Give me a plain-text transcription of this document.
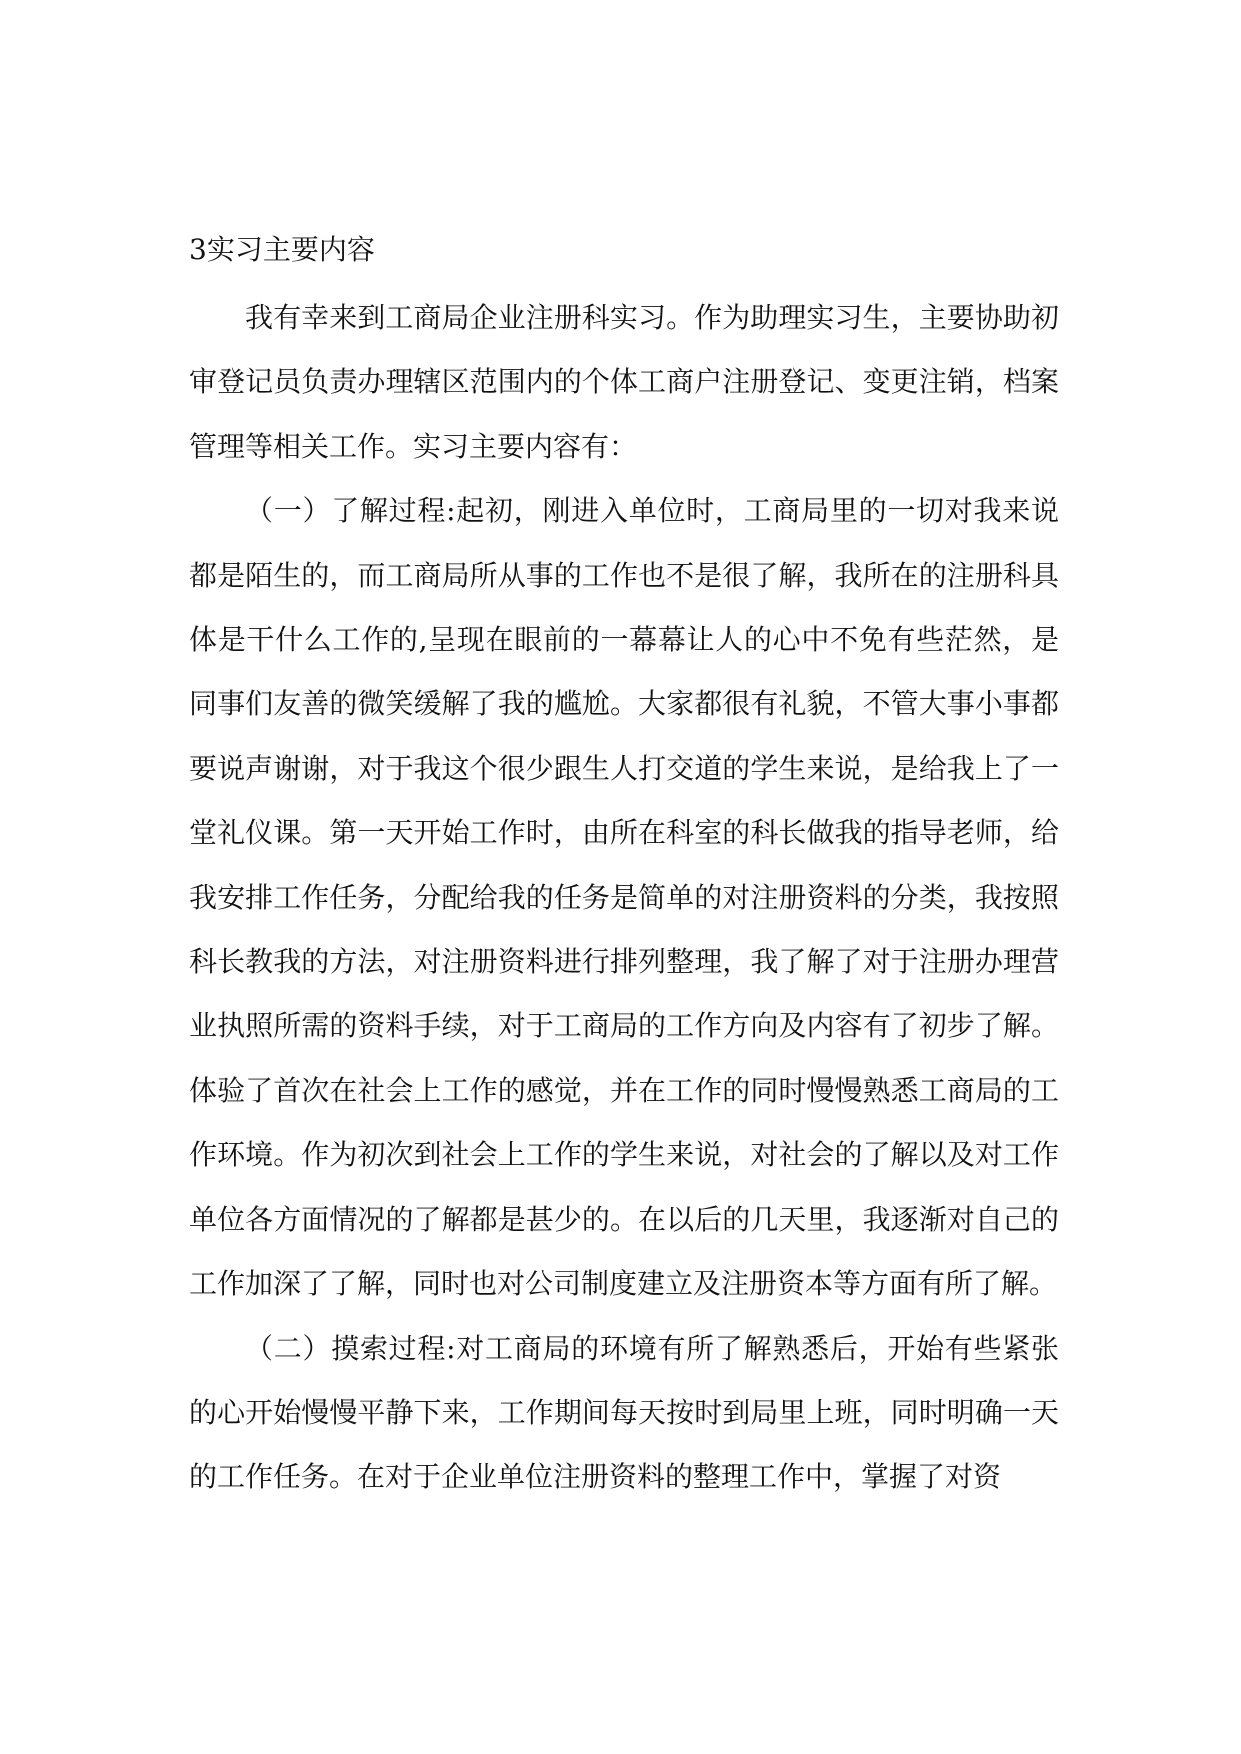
3实习主要内容

我有幸来到工商局企业注册科实习。作为助理实习生，主要协助初审登记员负责办理辖区范围内的个体工商户注册登记、变更注销，档案管理等相关工作。实习主要内容有：

（一）了解过程:起初，刚进入单位时，工商局里的一切对我来说都是陌生的，而工商局所从事的工作也不是很了解，我所在的注册科具体是干什么工作的,呈现在眼前的一幕幕让人的心中不免有些茫然，是同事们友善的微笑缓解了我的尴尬。大家都很有礼貌，不管大事小事都要说声谢谢，对于我这个很少跟生人打交道的学生来说，是给我上了一堂礼仪课。第一天开始工作时，由所在科室的科长做我的指导老师，给我安排工作任务，分配给我的任务是简单的对注册资料的分类，我按照科长教我的方法，对注册资料进行排列整理，我了解了对于注册办理营业执照所需的资料手续，对于工商局的工作方向及内容有了初步了解。体验了首次在社会上工作的感觉，并在工作的同时慢慢熟悉工商局的工作环境。作为初次到社会上工作的学生来说，对社会的了解以及对工作单位各方面情况的了解都是甚少的。在以后的几天里，我逐渐对自己的工作加深了了解，同时也对公司制度建立及注册资本等方面有所了解。

（二）摸索过程:对工商局的环境有所了解熟悉后，开始有些紧张的心开始慢慢平静下来，工作期间每天按时到局里上班，同时明确一天的工作任务。在对于企业单位注册资料的整理工作中，掌握了对资
